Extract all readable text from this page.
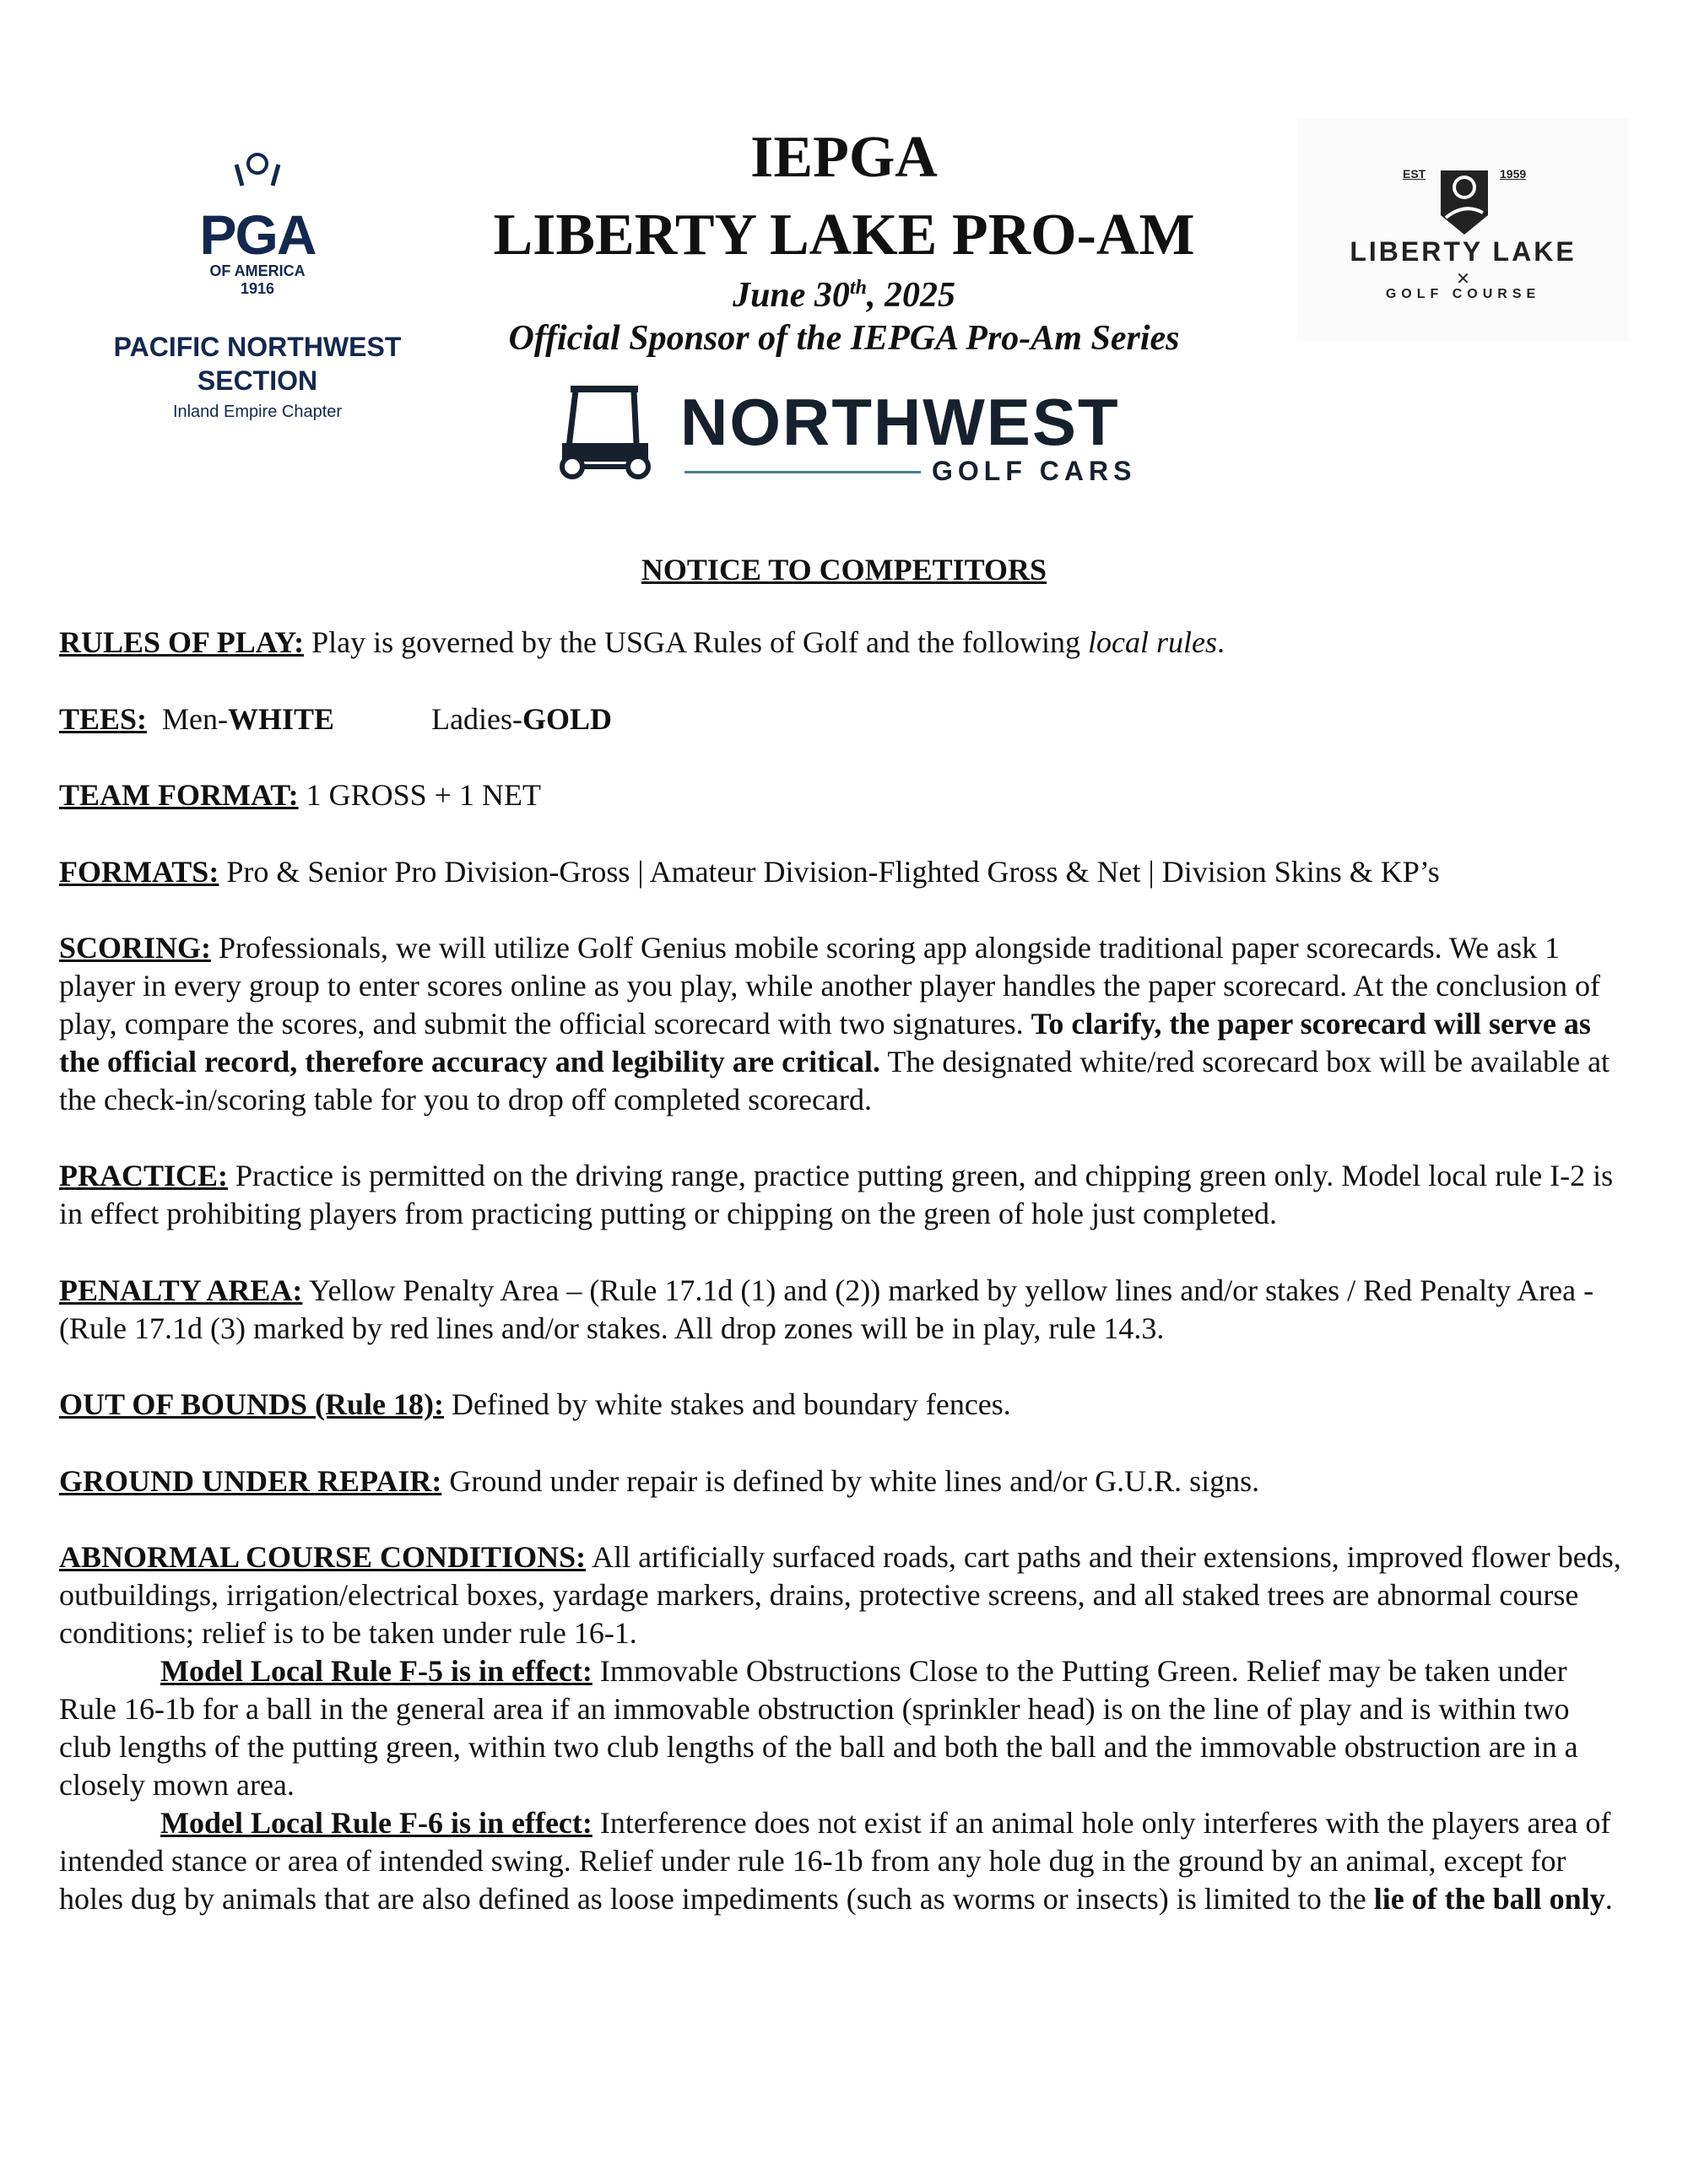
PGA
OF AMERICA
1916
PACIFIC NORTHWEST
SECTION
Inland Empire Chapter
IEPGA
LIBERTY LAKE PRO-AM
June 30th, 2025
Official Sponsor of the IEPGA Pro-Am Series
EST	1959
LIBERTY LAKE
✕
GOLF COURSE
NORTHWEST
GOLF CARS
NOTICE TO COMPETITORS
RULES OF PLAY: Play is governed by the USGA Rules of Golf and the following local rules.
TEES: Men-WHITE	Ladies-GOLD
TEAM FORMAT: 1 GROSS + 1 NET
FORMATS: Pro & Senior Pro Division-Gross | Amateur Division-Flighted Gross & Net | Division Skins & KP’s
SCORING: Professionals, we will utilize Golf Genius mobile scoring app alongside traditional paper scorecards. We ask 1 player in every group to enter scores online as you play, while another player handles the paper scorecard. At the conclusion of play, compare the scores, and submit the official scorecard with two signatures. To clarify, the paper scorecard will serve as the official record, therefore accuracy and legibility are critical. The designated white/red scorecard box will be available at the check-in/scoring table for you to drop off completed scorecard.
PRACTICE: Practice is permitted on the driving range, practice putting green, and chipping green only. Model local rule I-2 is in effect prohibiting players from practicing putting or chipping on the green of hole just completed.
PENALTY AREA: Yellow Penalty Area – (Rule 17.1d (1) and (2)) marked by yellow lines and/or stakes / Red Penalty Area - (Rule 17.1d (3) marked by red lines and/or stakes. All drop zones will be in play, rule 14.3.
OUT OF BOUNDS (Rule 18): Defined by white stakes and boundary fences.
GROUND UNDER REPAIR: Ground under repair is defined by white lines and/or G.U.R. signs.
ABNORMAL COURSE CONDITIONS: All artificially surfaced roads, cart paths and their extensions, improved flower beds, outbuildings, irrigation/electrical boxes, yardage markers, drains, protective screens, and all staked trees are abnormal course conditions; relief is to be taken under rule 16-1.
Model Local Rule F-5 is in effect: Immovable Obstructions Close to the Putting Green. Relief may be taken under Rule 16-1b for a ball in the general area if an immovable obstruction (sprinkler head) is on the line of play and is within two club lengths of the putting green, within two club lengths of the ball and both the ball and the immovable obstruction are in a closely mown area.
Model Local Rule F-6 is in effect: Interference does not exist if an animal hole only interferes with the players area of intended stance or area of intended swing. Relief under rule 16-1b from any hole dug in the ground by an animal, except for holes dug by animals that are also defined as loose impediments (such as worms or insects) is limited to the lie of the ball only.
